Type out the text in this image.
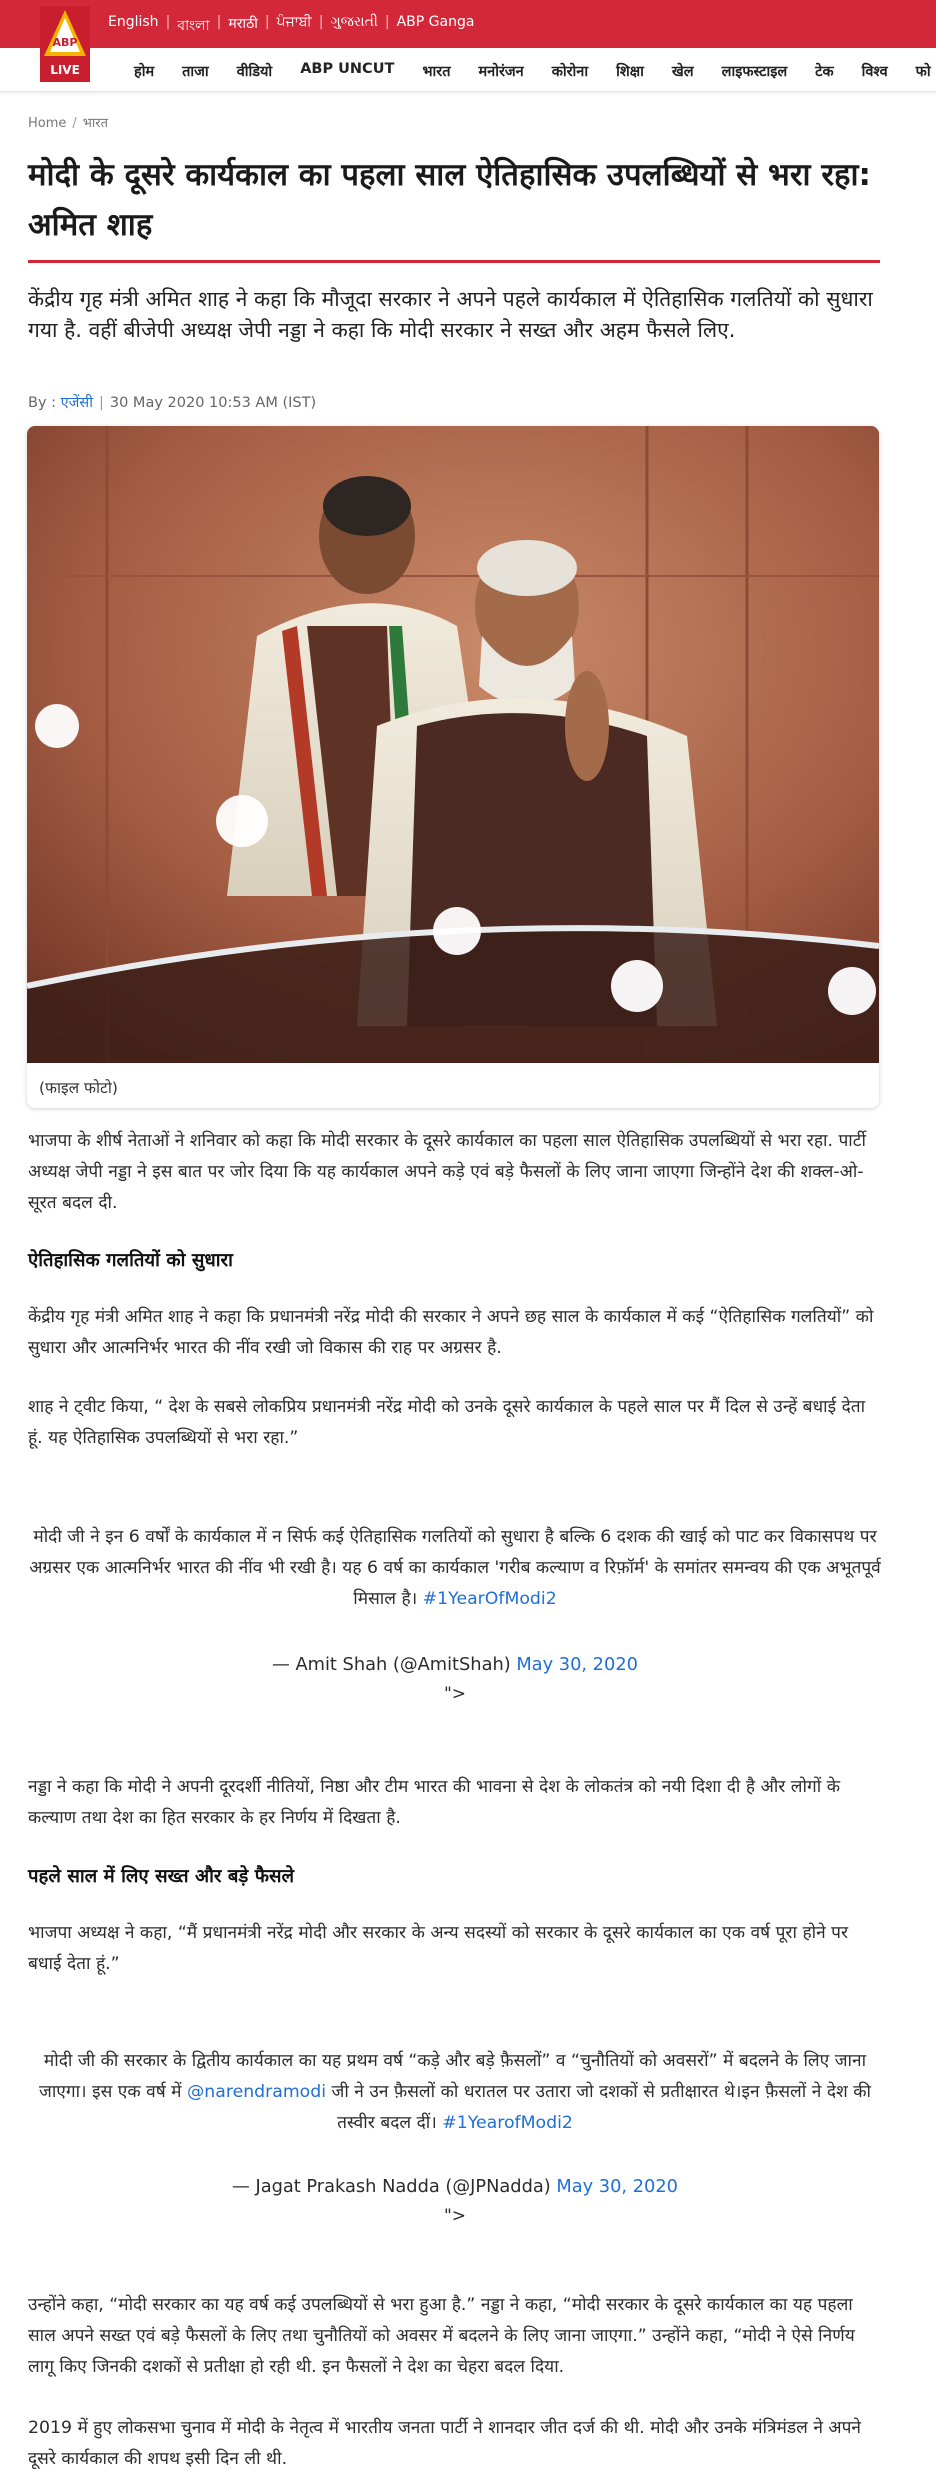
English | বাংলা | मराठी | ਪੰਜਾਬੀ | ગુજરાતી | ABP Ganga
ABP
LIVE	होम ताजा वीडियो ABP UNCUT भारत मनोरंजन कोरोना शिक्षा खेल लाइफस्टाइल टेक विश्व फो
Home / भारत
मोदी के दूसरे कार्यकाल का पहला साल ऐतिहासिक उपलब्धियों से भरा रहा: अमित शाह

केंद्रीय गृह मंत्री अमित शाह ने कहा कि मौजूदा सरकार ने अपने पहले कार्यकाल में ऐतिहासिक गलतियों को सुधारा गया है. वहीं बीजेपी अध्यक्ष जेपी नड्डा ने कहा कि मोदी सरकार ने सख्त और अहम फैसले लिए.

By : एजेंसी | 30 May 2020 10:53 AM (IST)
(फाइल फोटो)

भाजपा के शीर्ष नेताओं ने शनिवार को कहा कि मोदी सरकार के दूसरे कार्यकाल का पहला साल ऐतिहासिक उपलब्धियों से भरा रहा. पार्टी अध्यक्ष जेपी नड्डा ने इस बात पर जोर दिया कि यह कार्यकाल अपने कड़े एवं बड़े फैसलों के लिए जाना जाएगा जिन्होंने देश की शक्ल-ओ-सूरत बदल दी.

ऐतिहासिक गलतियों को सुधारा

केंद्रीय गृह मंत्री अमित शाह ने कहा कि प्रधानमंत्री नरेंद्र मोदी की सरकार ने अपने छह साल के कार्यकाल में कई “ऐतिहासिक गलतियों” को सुधारा और आत्मनिर्भर भारत की नींव रखी जो विकास की राह पर अग्रसर है.

शाह ने ट्वीट किया, “ देश के सबसे लोकप्रिय प्रधानमंत्री नरेंद्र मोदी को उनके दूसरे कार्यकाल के पहले साल पर मैं दिल से उन्हें बधाई देता हूं. यह ऐतिहासिक उपलब्धियों से भरा रहा.”

मोदी जी ने इन 6 वर्षों के कार्यकाल में न सिर्फ कई ऐतिहासिक गलतियों को सुधारा है बल्कि 6 दशक की खाई को पाट कर विकासपथ पर अग्रसर एक आत्मनिर्भर भारत की नींव भी रखी है। यह 6 वर्ष का कार्यकाल 'गरीब कल्याण व रिफ़ॉर्म' के समांतर समन्वय की एक अभूतपूर्व मिसाल है। #1YearOfModi2
— Amit Shah (@AmitShah) May 30, 2020
">

नड्डा ने कहा कि मोदी ने अपनी दूरदर्शी नीतियों, निष्ठा और टीम भारत की भावना से देश के लोकतंत्र को नयी दिशा दी है और लोगों के कल्याण तथा देश का हित सरकार के हर निर्णय में दिखता है.

पहले साल में लिए सख्त और बड़े फैसले

भाजपा अध्यक्ष ने कहा, “मैं प्रधानमंत्री नरेंद्र मोदी और सरकार के अन्य सदस्यों को सरकार के दूसरे कार्यकाल का एक वर्ष पूरा होने पर बधाई देता हूं.”

मोदी जी की सरकार के द्वितीय कार्यकाल का यह प्रथम वर्ष “कड़े और बड़े फ़ैसलों” व “चुनौतियों को अवसरों” में बदलने के लिए जाना जाएगा। इस एक वर्ष में @narendramodi जी ने उन फ़ैसलों को धरातल पर उतारा जो दशकों से प्रतीक्षारत थे।इन फ़ैसलों ने देश की तस्वीर बदल दीं। #1YearofModi2
— Jagat Prakash Nadda (@JPNadda) May 30, 2020
">

उन्होंने कहा, “मोदी सरकार का यह वर्ष कई उपलब्धियों से भरा हुआ है.” नड्डा ने कहा, “मोदी सरकार के दूसरे कार्यकाल का यह पहला साल अपने सख्त एवं बड़े फैसलों के लिए तथा चुनौतियों को अवसर में बदलने के लिए जाना जाएगा.” उन्होंने कहा, “मोदी ने ऐसे निर्णय लागू किए जिनकी दशकों से प्रतीक्षा हो रही थी. इन फैसलों ने देश का चेहरा बदल दिया.

2019 में हुए लोकसभा चुनाव में मोदी के नेतृत्व में भारतीय जनता पार्टी ने शानदार जीत दर्ज की थी. मोदी और उनके मंत्रिमंडल ने अपने दूसरे कार्यकाल की शपथ इसी दिन ली थी.
